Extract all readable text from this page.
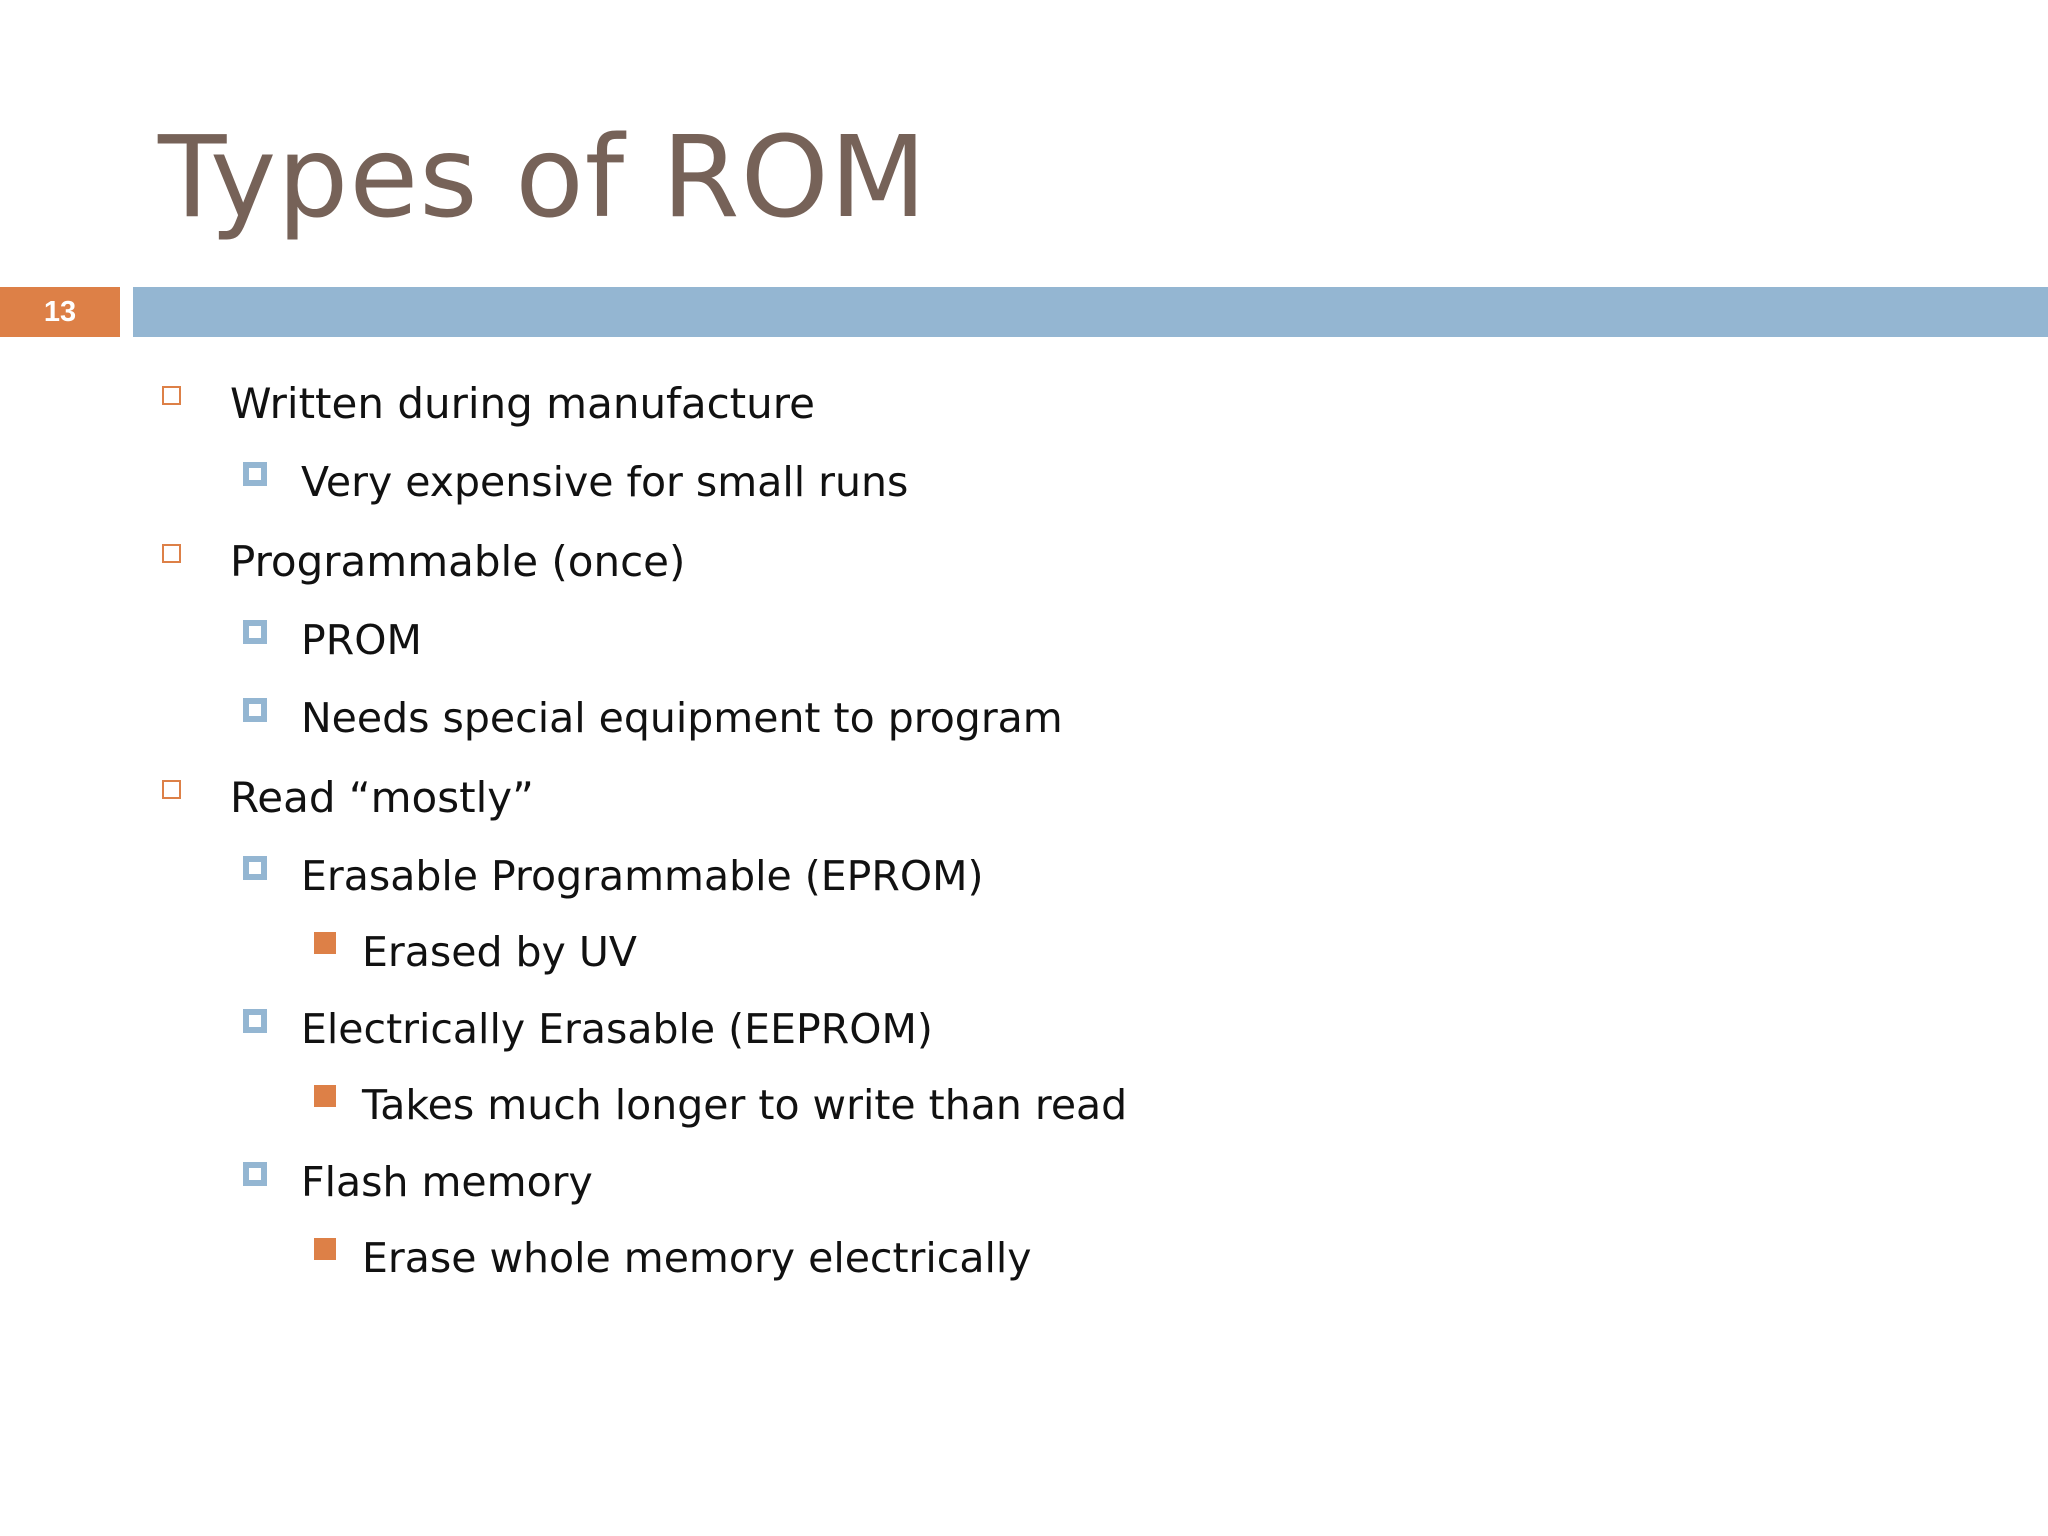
Types of ROM
13
Written during manufacture
Very expensive for small runs
Programmable (once)
PROM
Needs special equipment to program
Read “mostly”
Erasable Programmable (EPROM)
Erased by UV
Electrically Erasable (EEPROM)
Takes much longer to write than read
Flash memory
Erase whole memory electrically
